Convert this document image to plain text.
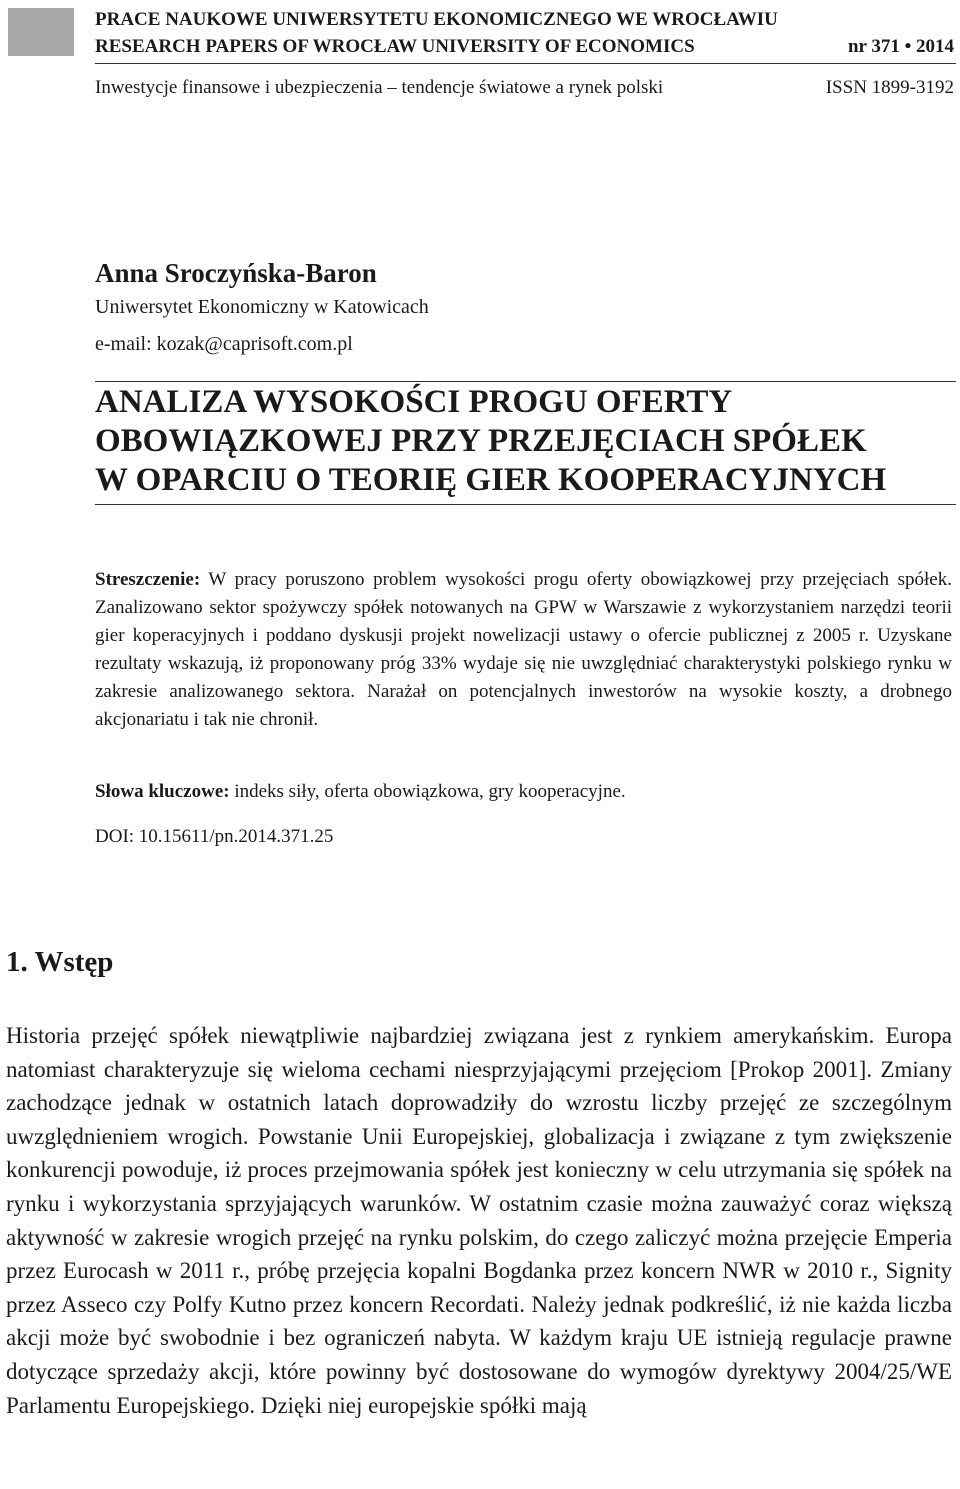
PRACE NAUKOWE UNIWERSYTETU EKONOMICZNEGO WE WROCŁAWIU
RESEARCH PAPERS OF WROCŁAW UNIVERSITY OF ECONOMICS	nr 371 • 2014
Inwestycje finansowe i ubezpieczenia – tendencje światowe a rynek polski	ISSN 1899-3192
Anna Sroczyńska-Baron
Uniwersytet Ekonomiczny w Katowicach
e-mail: kozak@caprisoft.com.pl
ANALIZA WYSOKOŚCI PROGU OFERTY
OBOWIĄZKOWEJ PRZY PRZEJĘCIACH SPÓŁEK
W OPARCIU O TEORIĘ GIER KOOPERACYJNYCH
Streszczenie: W pracy poruszono problem wysokości progu oferty obowiązkowej przy przejęciach spółek. Zanalizowano sektor spożywczy spółek notowanych na GPW w Warszawie z wykorzystaniem narzędzi teorii gier koperacyjnych i poddano dyskusji projekt nowelizacji ustawy o ofercie publicznej z 2005 r. Uzyskane rezultaty wskazują, iż proponowany próg 33% wydaje się nie uwzględniać charakterystyki polskiego rynku w zakresie analizowanego sektora. Narażał on potencjalnych inwestorów na wysokie koszty, a drobnego akcjonariatu i tak nie chronił.
Słowa kluczowe: indeks siły, oferta obowiązkowa, gry kooperacyjne.
DOI: 10.15611/pn.2014.371.25
1. Wstęp
Historia przejęć spółek niewątpliwie najbardziej związana jest z rynkiem amerykańskim. Europa natomiast charakteryzuje się wieloma cechami niesprzyjającymi przejęciom [Prokop 2001]. Zmiany zachodzące jednak w ostatnich latach doprowadziły do wzrostu liczby przejęć ze szczególnym uwzględnieniem wrogich. Powstanie Unii Europejskiej, globalizacja i związane z tym zwiększenie konkurencji powoduje, iż proces przejmowania spółek jest konieczny w celu utrzymania się spółek na rynku i wykorzystania sprzyjających warunków. W ostatnim czasie można zauważyć coraz większą aktywność w zakresie wrogich przejęć na rynku polskim, do czego zaliczyć można przejęcie Emperia przez Eurocash w 2011 r., próbę przejęcia kopalni Bogdanka przez koncern NWR w 2010 r., Signity przez Asseco czy Polfy Kutno przez koncern Recordati. Należy jednak podkreślić, iż nie każda liczba akcji może być swobodnie i bez ograniczeń nabyta. W każdym kraju UE istnieją regulacje prawne dotyczące sprzedaży akcji, które powinny być dostosowane do wymogów dyrektywy 2004/25/WE Parlamentu Europejskiego. Dzięki niej europejskie spółki mają
